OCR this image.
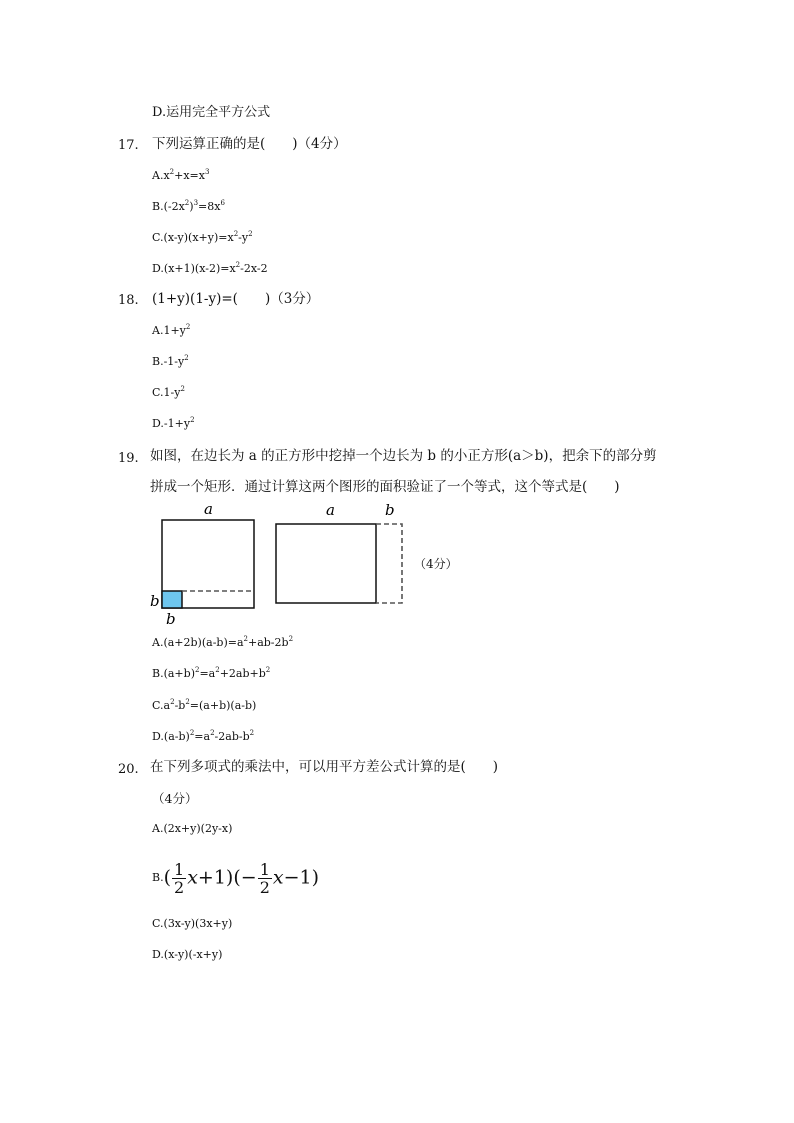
D.运用完全平方公式
17. 下列运算正确的是(　　)（4分）
$A.x^2+x=x^3$
$B.(-2x^2)^3=8x^6$
$C.(x-y)(x+y)=x^2-y^2$
$D.(x+1)(x-2)=x^2-2x-2$
18. (1+y)(1-y)=(　　)（3分）
$A.1+y^2$
$B.-1-y^2$
$C.1-y^2$
$D.-1+y^2$
19. 如图，在边长为 a 的正方形中挖掉一个边长为 b 的小正方形(a＞b)，把余下的部分剪
拼成一个矩形．通过计算这两个图形的面积验证了一个等式，这个等式是(　　)
a
b
b
a	b
（4分）
$A.(a+2b)(a-b)=a^2+ab-2b^2$
$B.(a+b)^2=a^2+2ab+b^2$
$C.a^2-b^2=(a+b)(a-b)$
$D.(a-b)^2=a^2-2ab-b^2$
20. 在下列多项式的乘法中，可以用平方差公式计算的是(　　)
（4分）
A.(2x+y)(2y-x)
B. ( $\frac{1}{2} x+1)(- \frac{1}{2} x-1)$
C.(3x-y)(3x+y)
D.(x-y)(-x+y)
